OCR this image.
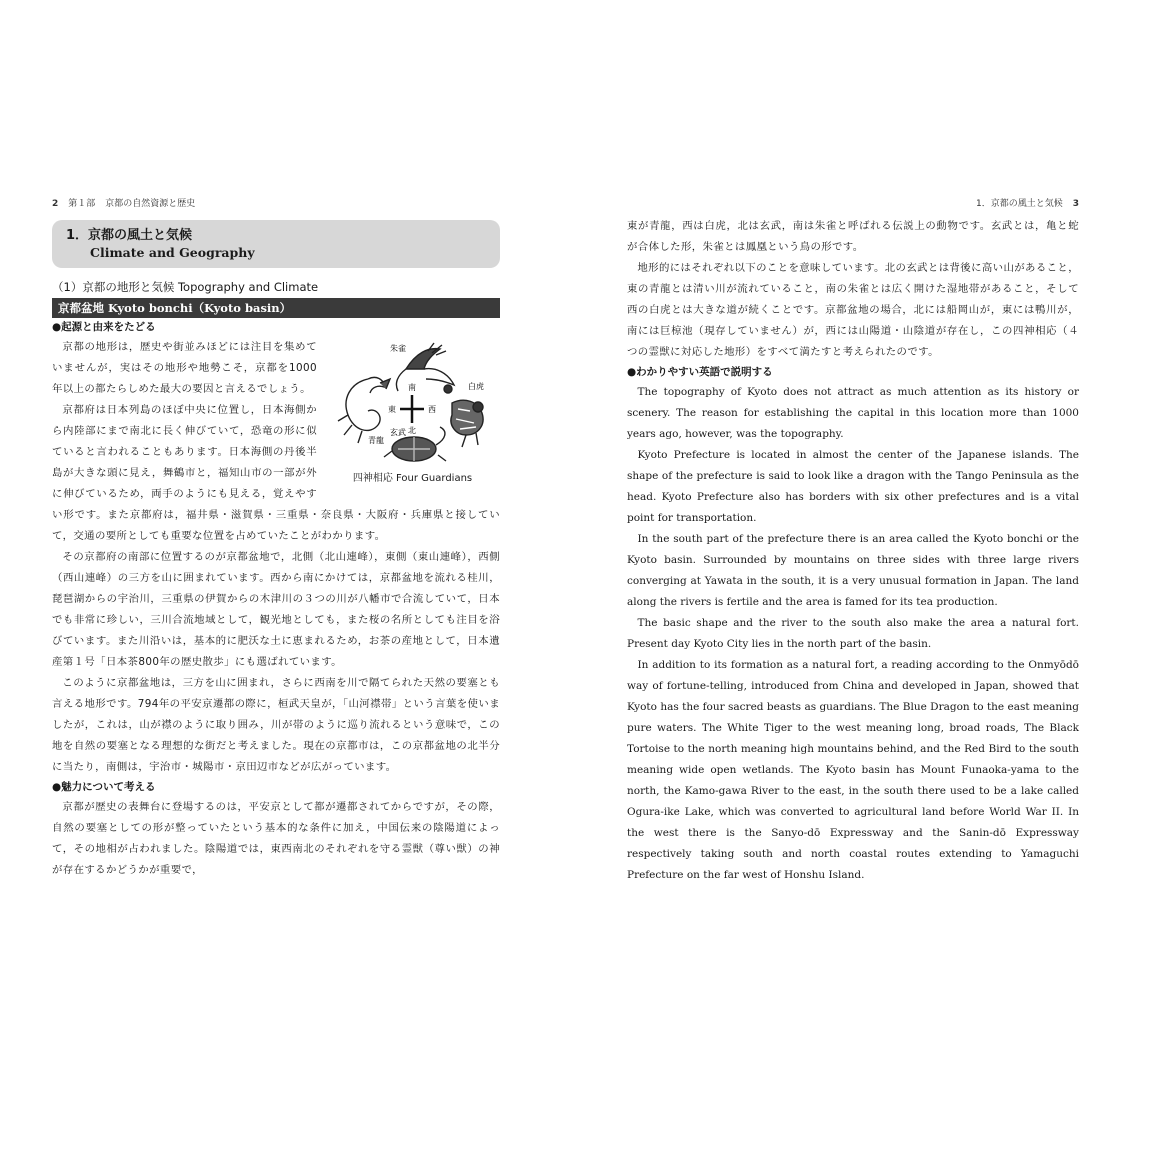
2 第１部 京都の自然資源と歴史
1．京都の風土と気候
Climate and Geography
（1）京都の地形と気候 Topography and Climate
京都盆地 Kyoto bonchi（Kyoto basin）
●起源と由来をたどる
南
東	西
北
朱雀
白虎
青龍
玄武
四神相応 Four Guardians

京都の地形は，歴史や街並みほどには注目を集めていませんが，実はその地形や地勢こそ，京都を1000年以上の都たらしめた最大の要因と言えるでしょう。

京都府は日本列島のほぼ中央に位置し，日本海側から内陸部にまで南北に長く伸びていて，恐竜の形に似ていると言われることもあります。日本海側の丹後半島が大きな頭に見え，舞鶴市と，福知山市の一部が外に伸びているため，両手のようにも見える，覚えやすい形です。また京都府は，福井県・滋賀県・三重県・奈良県・大阪府・兵庫県と接していて，交通の要所としても重要な位置を占めていたことがわかります。

その京都府の南部に位置するのが京都盆地で，北側（北山連峰），東側（東山連峰），西側（西山連峰）の三方を山に囲まれています。西から南にかけては，京都盆地を流れる桂川，琵琶湖からの宇治川，三重県の伊賀からの木津川の３つの川が八幡市で合流していて，日本でも非常に珍しい，三川合流地域として，観光地としても，また桜の名所としても注目を浴びています。また川沿いは，基本的に肥沃な土に恵まれるため，お茶の産地として，日本遺産第１号「日本茶800年の歴史散歩」にも選ばれています。

このように京都盆地は，三方を山に囲まれ，さらに西南を川で隔てられた天然の要塞とも言える地形です。794年の平安京遷都の際に，桓武天皇が，「山河襟帯」という言葉を使いましたが，これは，山が襟のように取り囲み，川が帯のように巡り流れるという意味で，この地を自然の要塞となる理想的な街だと考えました。現在の京都市は，この京都盆地の北半分に当たり，南側は，宇治市・城陽市・京田辺市などが広がっています。

●魅力について考える

京都が歴史の表舞台に登場するのは，平安京として都が遷都されてからですが，その際，自然の要塞としての形が整っていたという基本的な条件に加え，中国伝来の陰陽道によって，その地相が占われました。陰陽道では，東西南北のそれぞれを守る霊獣（尊い獣）の神が存在するかどうかが重要で，

1．京都の風土と気候 3

東が青龍，西は白虎，北は玄武，南は朱雀と呼ばれる伝説上の動物です。玄武とは，亀と蛇が合体した形，朱雀とは鳳凰という鳥の形です。

地形的にはそれぞれ以下のことを意味しています。北の玄武とは背後に高い山があること，東の青龍とは清い川が流れていること，南の朱雀とは広く開けた湿地帯があること，そして西の白虎とは大きな道が続くことです。京都盆地の場合，北には船岡山が，東には鴨川が，南には巨椋池（現存していません）が，西には山陽道・山陰道が存在し，この四神相応（４つの霊獣に対応した地形）をすべて満たすと考えられたのです。

●わかりやすい英語で説明する

The topography of Kyoto does not attract as much attention as its history or scenery. The reason for establishing the capital in this location more than 1000 years ago, however, was the topography.

Kyoto Prefecture is located in almost the center of the Japanese islands. The shape of the prefecture is said to look like a dragon with the Tango Peninsula as the head. Kyoto Prefecture also has borders with six other prefectures and is a vital point for transportation.

In the south part of the prefecture there is an area called the Kyoto bonchi or the Kyoto basin. Surrounded by mountains on three sides with three large rivers converging at Yawata in the south, it is a very unusual formation in Japan. The land along the rivers is fertile and the area is famed for its tea production.

The basic shape and the river to the south also make the area a natural fort. Present day Kyoto City lies in the north part of the basin.

In addition to its formation as a natural fort, a reading according to the Onmyōdō way of fortune-telling, introduced from China and developed in Japan, showed that Kyoto has the four sacred beasts as guardians. The Blue Dragon to the east meaning pure waters. The White Tiger to the west meaning long, broad roads, The Black Tortoise to the north meaning high mountains behind, and the Red Bird to the south meaning wide open wetlands. The Kyoto basin has Mount Funaoka-yama to the north, the Kamo-gawa River to the east, in the south there used to be a lake called Ogura-ike Lake, which was converted to agricultural land before World War II. In the west there is the Sanyo-dō Expressway and the Sanin-dō Expressway respectively taking south and north coastal routes extending to Yamaguchi Prefecture on the far west of Honshu Island.
